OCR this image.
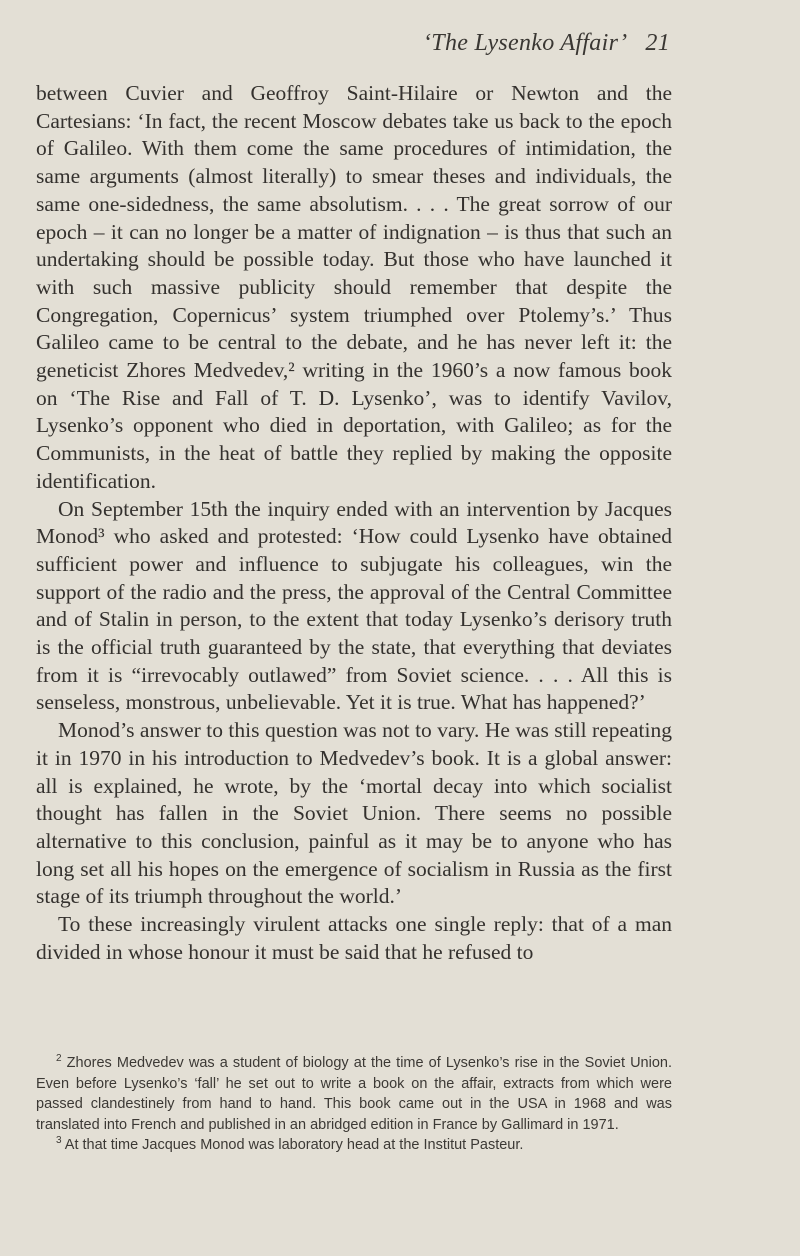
‘The Lysenko Affair’ 21

between Cuvier and Geoffroy Saint-Hilaire or Newton and the Cartesians: ‘In fact, the recent Moscow debates take us back to the epoch of Galileo. With them come the same procedures of intimidation, the same arguments (almost literally) to smear theses and individuals, the same one-sidedness, the same absolutism. . . . The great sorrow of our epoch – it can no longer be a matter of indignation – is thus that such an undertaking should be possible today. But those who have launched it with such massive publicity should remember that despite the Congregation, Copernicus’ system triumphed over Ptolemy’s.’ Thus Galileo came to be central to the debate, and he has never left it: the geneticist Zhores Medvedev,² writing in the 1960’s a now famous book on ‘The Rise and Fall of T. D. Lysenko’, was to identify Vavilov, Lysenko’s opponent who died in deportation, with Galileo; as for the Communists, in the heat of battle they replied by making the opposite identification.

On September 15th the inquiry ended with an intervention by Jacques Monod³ who asked and protested: ‘How could Lysenko have obtained sufficient power and influence to subjugate his colleagues, win the support of the radio and the press, the approval of the Central Committee and of Stalin in person, to the extent that today Lysenko’s derisory truth is the official truth guaranteed by the state, that everything that deviates from it is “irrevocably outlawed” from Soviet science. . . . All this is senseless, monstrous, unbelievable. Yet it is true. What has happened?’

Monod’s answer to this question was not to vary. He was still repeating it in 1970 in his introduction to Medvedev’s book. It is a global answer: all is explained, he wrote, by the ‘mortal decay into which socialist thought has fallen in the Soviet Union. There seems no possible alternative to this conclusion, painful as it may be to anyone who has long set all his hopes on the emergence of socialism in Russia as the first stage of its triumph throughout the world.’

To these increasingly virulent attacks one single reply: that of a man divided in whose honour it must be said that he refused to

$^2$ Zhores Medvedev was a student of biology at the time of Lysenko’s rise in the Soviet Union. Even before Lysenko’s ‘fall’ he set out to write a book on the affair, extracts from which were passed clandestinely from hand to hand. This book came out in the USA in 1968 and was translated into French and published in an abridged edition in France by Gallimard in 1971.

$^3$ At that time Jacques Monod was laboratory head at the Institut Pasteur.
